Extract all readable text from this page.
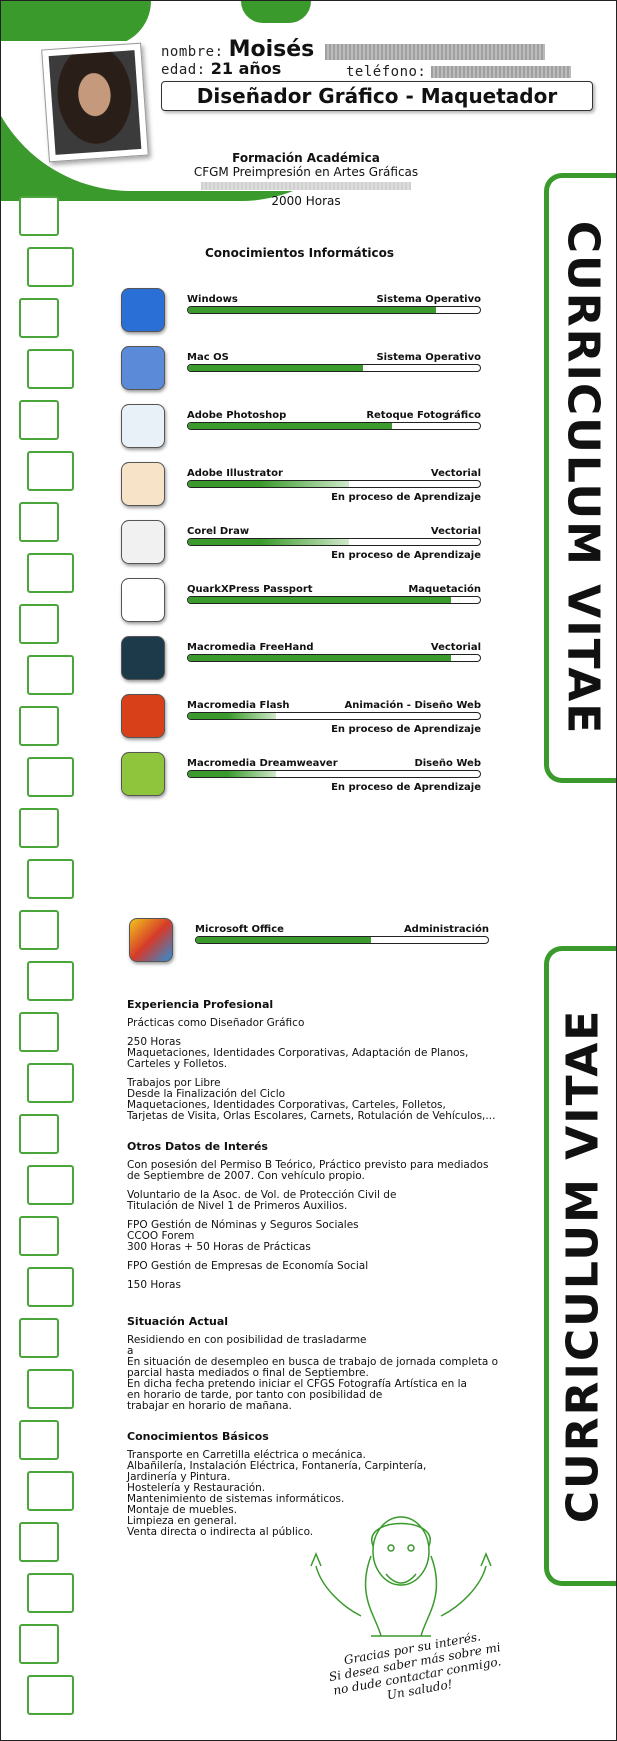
nombre: Moisés
edad: 21 años	teléfono:
Diseñador Gráfico - Maquetador
CURRICULUM VITAE
CURRICULUM VITAE
Formación Académica
CFGM Preimpresión en Artes Gráficas
2000 Horas
Conocimientos Informáticos
Windows	Sistema Operativo
Mac OS	Sistema Operativo
Adobe Photoshop	Retoque Fotográfico
Adobe Illustrator	Vectorial
En proceso de Aprendizaje
Corel Draw	Vectorial
En proceso de Aprendizaje
QuarkXPress Passport	Maquetación
Macromedia FreeHand	Vectorial
Macromedia Flash	Animación - Diseño Web
En proceso de Aprendizaje
Macromedia Dreamweaver	Diseño Web
En proceso de Aprendizaje
Microsoft Office	Administración
Experiencia Profesional

Prácticas como Diseñador Gráfico

250 Horas
Maquetaciones, Identidades Corporativas, Adaptación de Planos,
Carteles y Folletos.

Trabajos por Libre
Desde la Finalización del Ciclo
Maquetaciones, Identidades Corporativas, Carteles, Folletos,
Tarjetas de Visita, Orlas Escolares, Carnets, Rotulación de Vehículos,...

Otros Datos de Interés

Con posesión del Permiso B Teórico, Práctico previsto para mediados
de Septiembre de 2007. Con vehículo propio.

Voluntario de la Asoc. de Vol. de Protección Civil de
Titulación de Nivel 1 de Primeros Auxilios.

FPO Gestión de Nóminas y Seguros Sociales
CCOO Forem
300 Horas + 50 Horas de Prácticas

FPO Gestión de Empresas de Economía Social

150 Horas

Situación Actual

Residiendo en con posibilidad de trasladarme
a
En situación de desempleo en busca de trabajo de jornada completa o
parcial hasta mediados o final de Septiembre.
En dicha fecha pretendo iniciar el CFGS Fotografía Artística en la
en horario de tarde, por tanto con posibilidad de
trabajar en horario de mañana.

Conocimientos Básicos

Transporte en Carretilla eléctrica o mecánica.
Albañilería, Instalación Eléctrica, Fontanería, Carpintería,
Jardinería y Pintura.
Hostelería y Restauración.
Mantenimiento de sistemas informáticos.
Montaje de muebles.
Limpieza en general.
Venta directa o indirecta al público.

Gracias por su interés.
Si desea saber más sobre mi
no dude contactar conmigo.
Un saludo!
